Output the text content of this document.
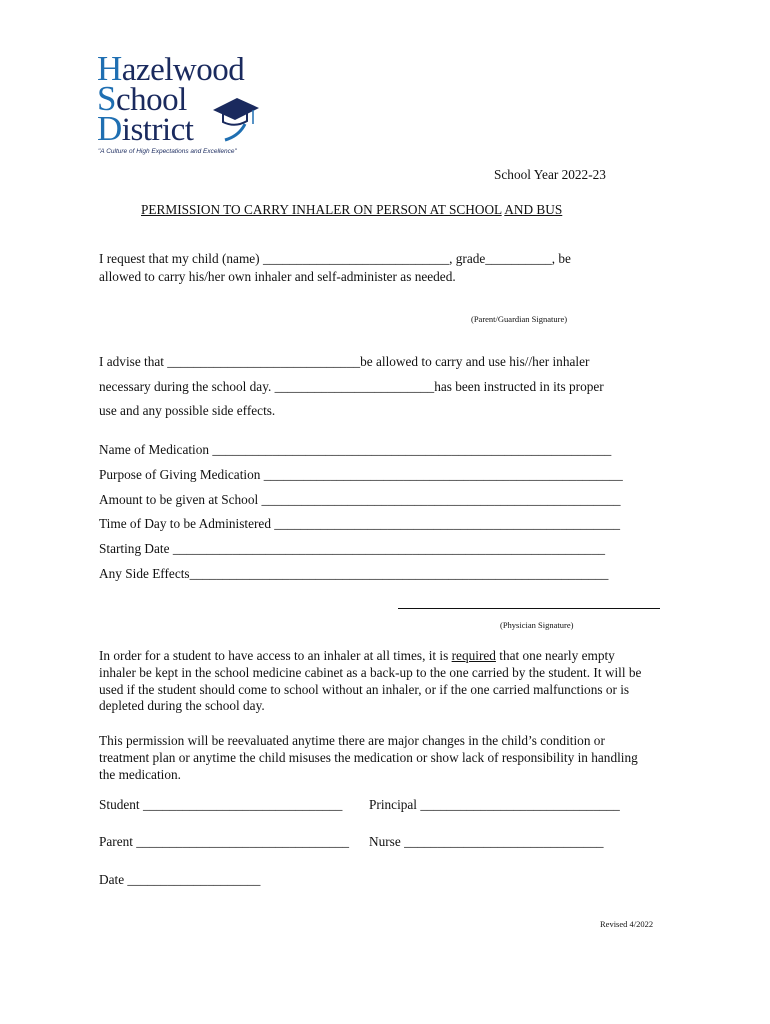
Hazelwood
School
District
"A Culture of High Expectations and Excellence"
School Year 2022-23
PERMISSION TO CARRY INHALER ON PERSON AT SCHOOL AND BUS
I request that my child (name) ____________________________, grade__________, be
allowed to carry his/her own inhaler and self-administer as needed.
(Parent/Guardian Signature)
I advise that _____________________________be allowed to carry and use his//her inhaler
necessary during the school day. ________________________has been instructed in its proper
use and any possible side effects.
Name of Medication ____________________________________________________________
Purpose of Giving Medication ______________________________________________________
Amount to be given at School ______________________________________________________
Time of Day to be Administered ____________________________________________________
Starting Date _________________________________________________________________
Any Side Effects_______________________________________________________________
(Physician Signature)
In order for a student to have access to an inhaler at all times, it is required that one nearly empty inhaler be kept in the school medicine cabinet as a back-up to the one carried by the student. It will be used if the student should come to school without an inhaler, or if the one carried malfunctions or is depleted during the school day.
This permission will be reevaluated anytime there are major changes in the child’s condition or treatment plan or anytime the child misuses the medication or show lack of responsibility in handling the medication.
Student ______________________________ Principal ______________________________
Parent ________________________________ Nurse ______________________________
Date ____________________
Revised 4/2022
